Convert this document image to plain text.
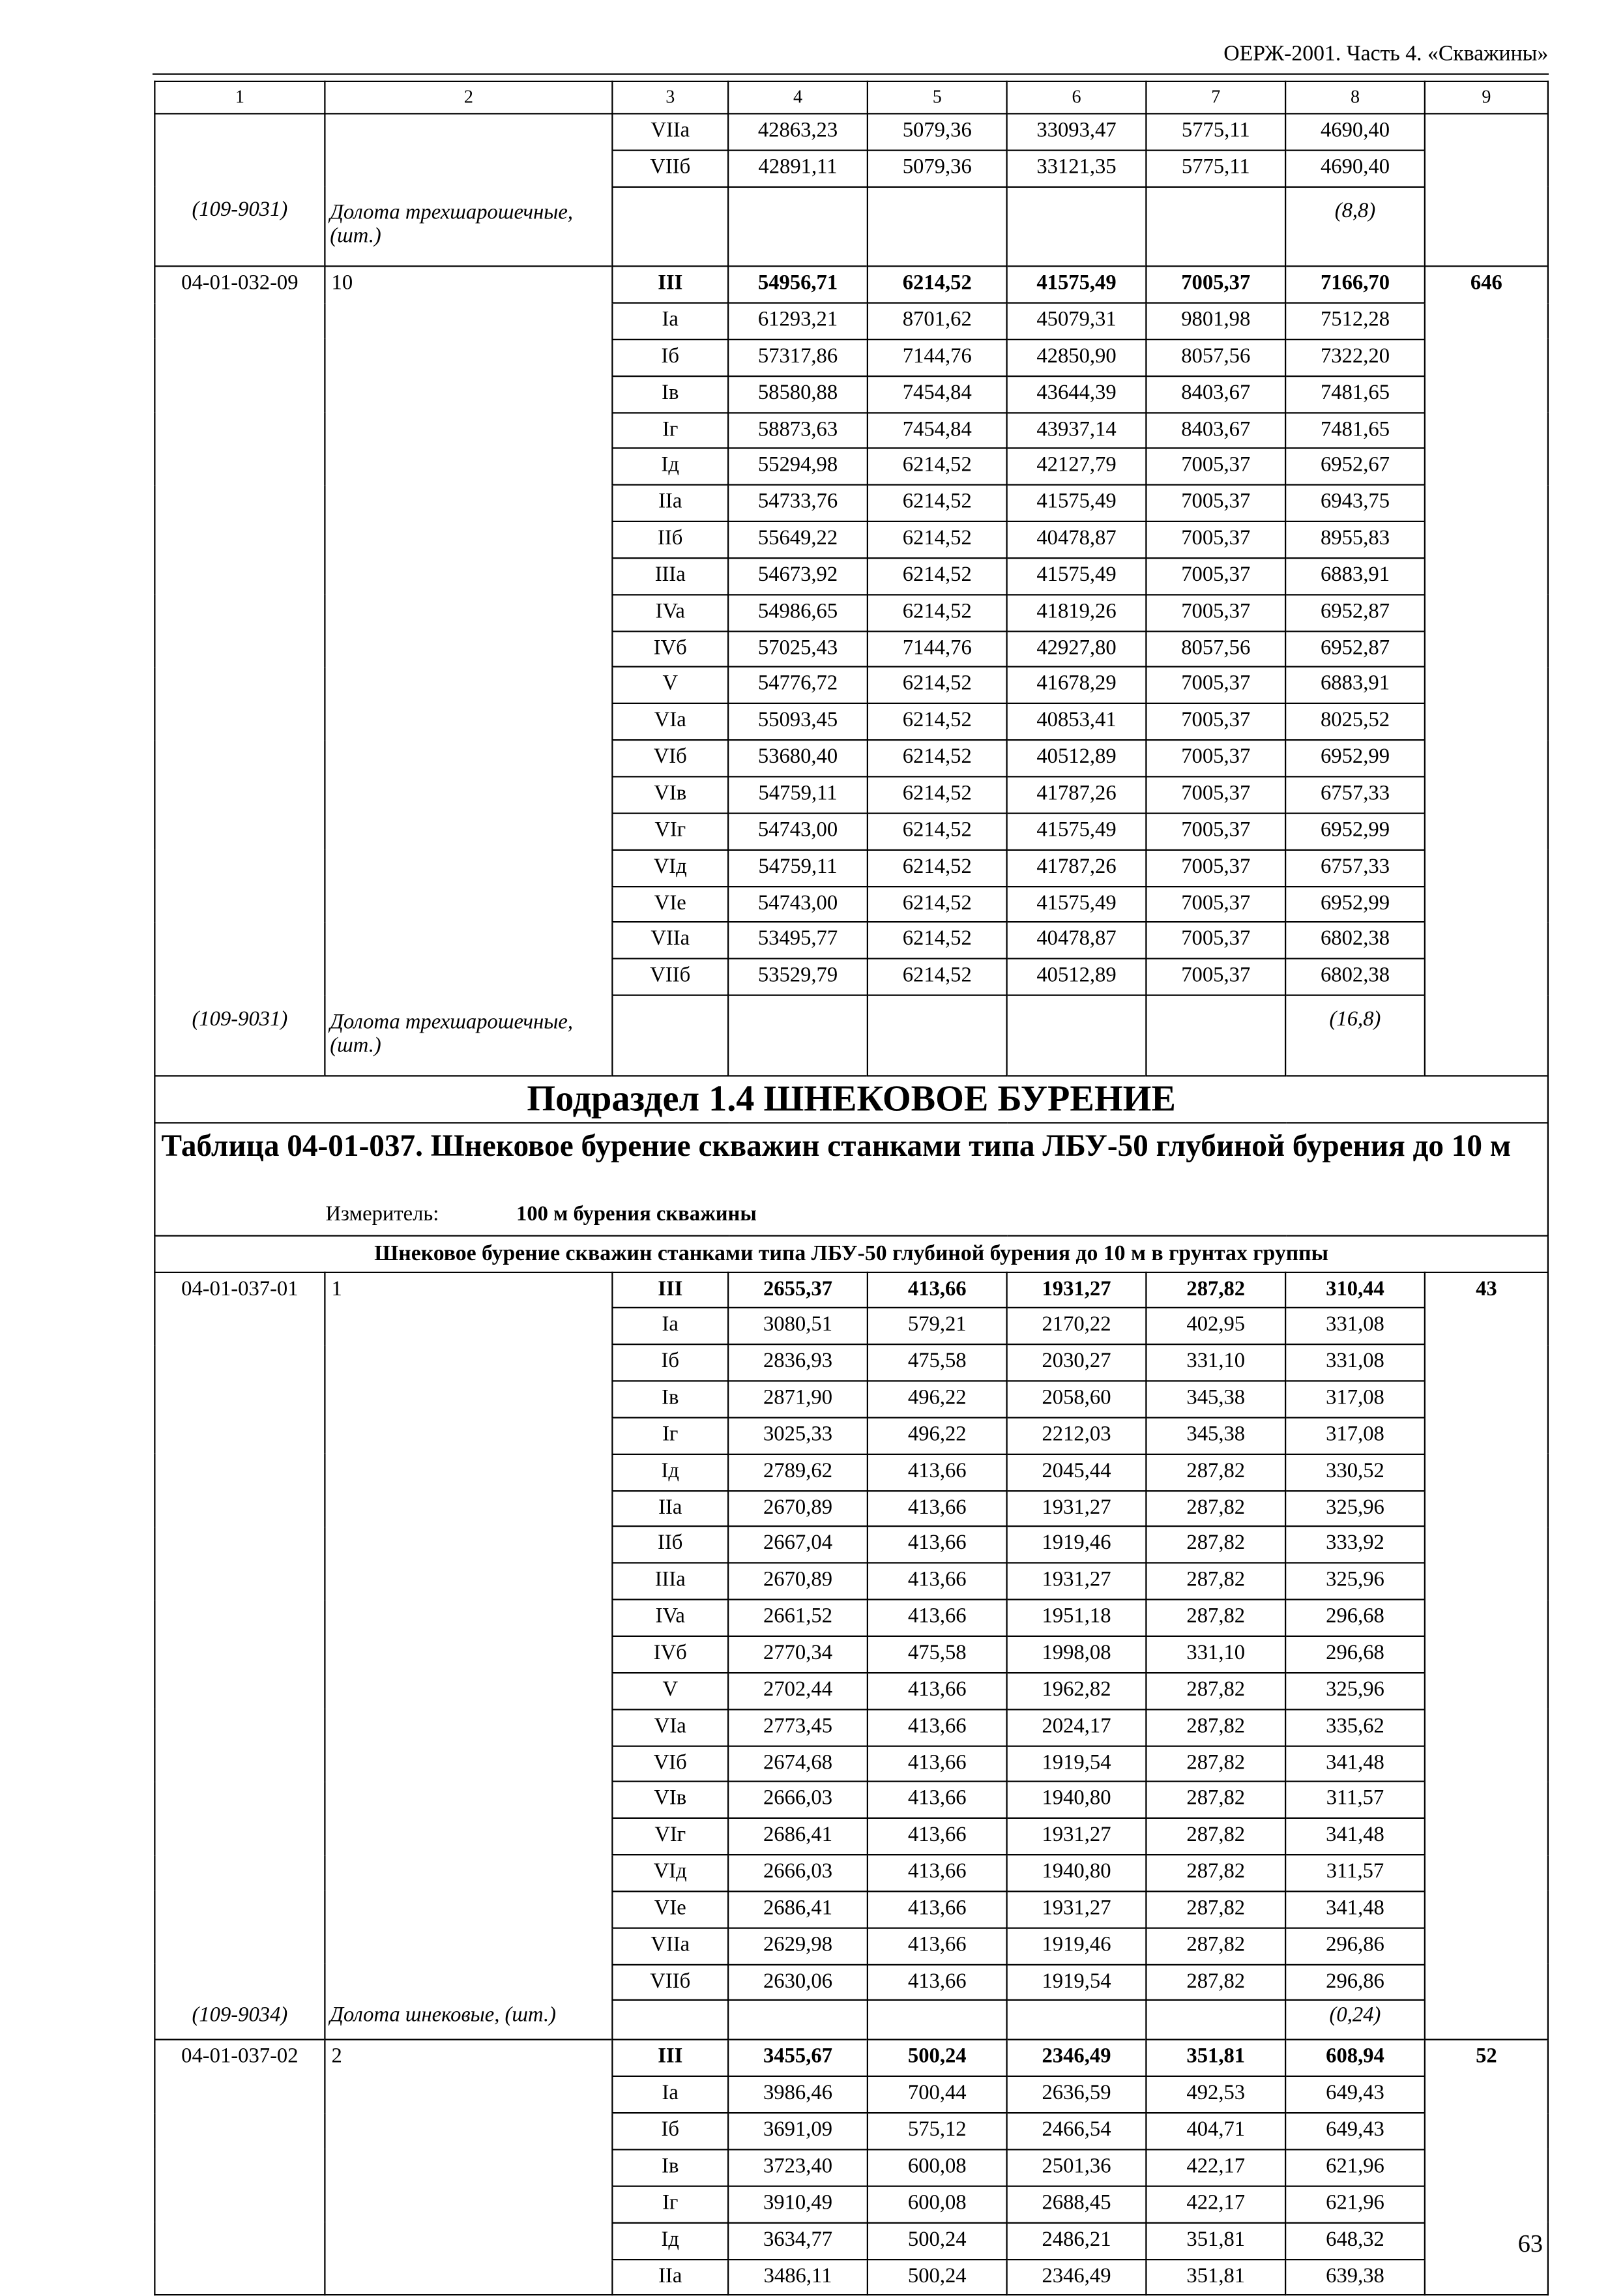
ОЕРЖ-2001. Часть 4. «Скважины»
1	2	3	4	5	6	7	8	9
		VIIa	42863,23	5079,36	33093,47	5775,11	4690,40	
		VIIб	42891,11	5079,36	33121,35	5775,11	4690,40	
(109-9031)	Долота трехшарошечные, (шт.)						(8,8)	
04-01-032-09	10	III	54956,71	6214,52	41575,49	7005,37	7166,70	646
		Ia	61293,21	8701,62	45079,31	9801,98	7512,28	
		Iб	57317,86	7144,76	42850,90	8057,56	7322,20	
		Iв	58580,88	7454,84	43644,39	8403,67	7481,65	
		Iг	58873,63	7454,84	43937,14	8403,67	7481,65	
		Iд	55294,98	6214,52	42127,79	7005,37	6952,67	
		IIa	54733,76	6214,52	41575,49	7005,37	6943,75	
		IIб	55649,22	6214,52	40478,87	7005,37	8955,83	
		IIIa	54673,92	6214,52	41575,49	7005,37	6883,91	
		IVa	54986,65	6214,52	41819,26	7005,37	6952,87	
		IVб	57025,43	7144,76	42927,80	8057,56	6952,87	
		V	54776,72	6214,52	41678,29	7005,37	6883,91	
		VIa	55093,45	6214,52	40853,41	7005,37	8025,52	
		VIб	53680,40	6214,52	40512,89	7005,37	6952,99	
		VIв	54759,11	6214,52	41787,26	7005,37	6757,33	
		VIг	54743,00	6214,52	41575,49	7005,37	6952,99	
		VIд	54759,11	6214,52	41787,26	7005,37	6757,33	
		VIe	54743,00	6214,52	41575,49	7005,37	6952,99	
		VIIa	53495,77	6214,52	40478,87	7005,37	6802,38	
		VIIб	53529,79	6214,52	40512,89	7005,37	6802,38	
(109-9031)	Долота трехшарошечные, (шт.)						(16,8)	
Подраздел 1.4 ШНЕКОВОЕ БУРЕНИЕ								
Таблица 04-01-037. Шнековое бурение скважин станками типа ЛБУ-50 глубиной бурения до 10 м								
Измеритель: 100 м бурения скважины								
Шнековое бурение скважин станками типа ЛБУ-50 глубиной бурения до 10 м в грунтах группы								
04-01-037-01	1	III	2655,37	413,66	1931,27	287,82	310,44	43
		Ia	3080,51	579,21	2170,22	402,95	331,08	
		Iб	2836,93	475,58	2030,27	331,10	331,08	
		Iв	2871,90	496,22	2058,60	345,38	317,08	
		Iг	3025,33	496,22	2212,03	345,38	317,08	
		Iд	2789,62	413,66	2045,44	287,82	330,52	
		IIa	2670,89	413,66	1931,27	287,82	325,96	
		IIб	2667,04	413,66	1919,46	287,82	333,92	
		IIIa	2670,89	413,66	1931,27	287,82	325,96	
		IVa	2661,52	413,66	1951,18	287,82	296,68	
		IVб	2770,34	475,58	1998,08	331,10	296,68	
		V	2702,44	413,66	1962,82	287,82	325,96	
		VIa	2773,45	413,66	2024,17	287,82	335,62	
		VIб	2674,68	413,66	1919,54	287,82	341,48	
		VIв	2666,03	413,66	1940,80	287,82	311,57	
		VIг	2686,41	413,66	1931,27	287,82	341,48	
		VIд	2666,03	413,66	1940,80	287,82	311,57	
		VIe	2686,41	413,66	1931,27	287,82	341,48	
		VIIa	2629,98	413,66	1919,46	287,82	296,86	
		VIIб	2630,06	413,66	1919,54	287,82	296,86	
(109-9034)	Долота шнековые, (шт.)						(0,24)	
04-01-037-02	2	III	3455,67	500,24	2346,49	351,81	608,94	52
		Ia	3986,46	700,44	2636,59	492,53	649,43	
		Iб	3691,09	575,12	2466,54	404,71	649,43	
		Iв	3723,40	600,08	2501,36	422,17	621,96	
		Iг	3910,49	600,08	2688,45	422,17	621,96	
		Iд	3634,77	500,24	2486,21	351,81	648,32	
		IIa	3486,11	500,24	2346,49	351,81	639,38	
63
